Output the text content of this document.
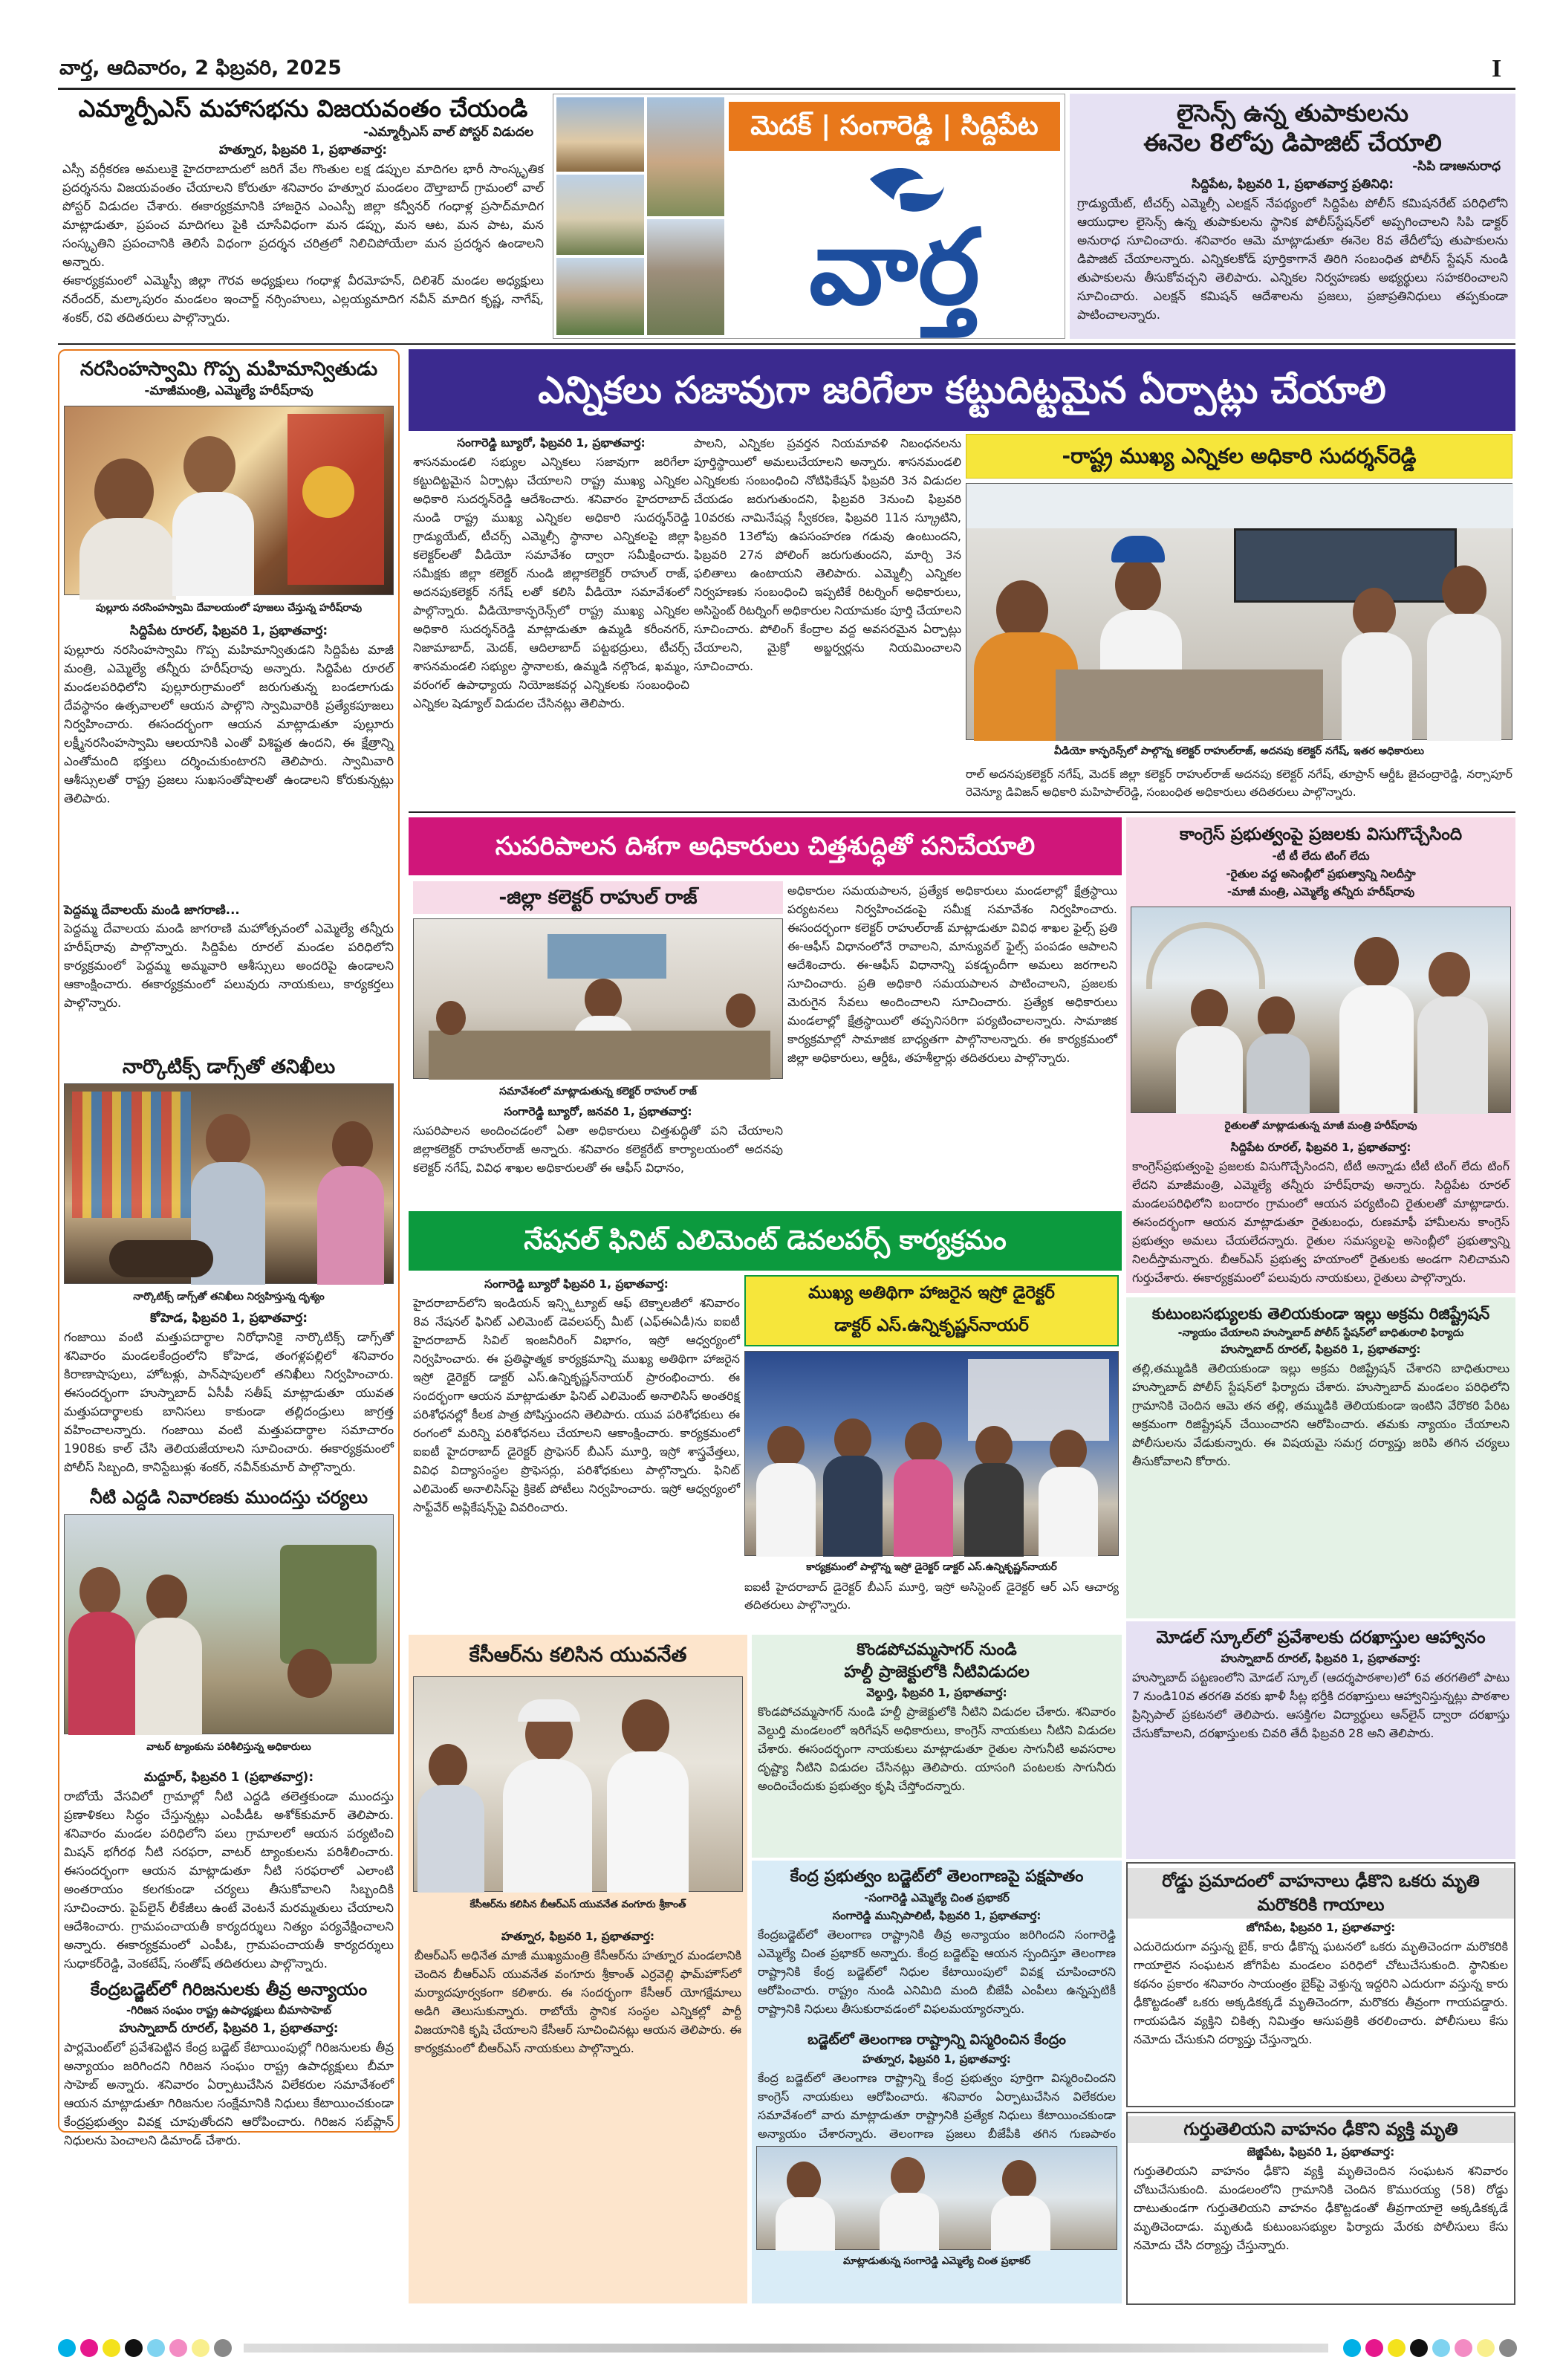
వార్త, ఆదివారం, 2 ఫిబ్రవరి, 2025	I
ఎమ్మార్పీఎస్ మహాసభను విజయవంతం చేయండి
-ఎమ్మార్పీఎస్ వాల్ పోస్టర్ విడుదల
హత్నూర, ఫిబ్రవరి 1, ప్రభాతవార్త:
ఎస్సీ వర్గీకరణ అమలుకై హైదరాబాదులో జరిగే వేల గొంతుల లక్ష డప్పుల మాదిగల భారీ సాంస్కృతిక ప్రదర్శనను విజయవంతం చేయాలని కోరుతూ శనివారం హత్నూర మండలం దౌల్తాబాద్ గ్రామంలో వాల్ పోస్టర్ విడుదల చేశారు. ఈకార్యక్రమానికి హాజరైన ఎంఎస్పీ జిల్లా కన్వీనర్ గంధాళ్ల ప్రసాద్‌మాదిగ మాట్లాడుతూ, ప్రపంచ మాదిగలు పైకి చూసేవిధంగా మన డప్పు, మన ఆట, మన పాట, మన సంస్కృతిని ప్రపంచానికి తెలిసే విధంగా ప్రదర్శన చరిత్రలో నిలిచిపోయేలా మన ప్రదర్శన ఉండాలని అన్నారు.
ఈకార్యక్రమంలో ఎమ్మెస్పీ జిల్లా గౌరవ అధ్యక్షులు గంధాళ్ల వీరమోహన్, దిలిశెర్ మండల అధ్యక్షులు నరేందర్, మల్కాపురం మండలం ఇంచార్జ్ నర్సింహులు, ఎల్లయ్యమాదిగ నవీన్ మాదిగ కృష్ణ, నాగేష్, శంకర్, రవి తదితరులు పాల్గొన్నారు.
మెదక్ | సంగారెడ్డి | సిద్దిపేట
వార్త
లైసెన్స్ ఉన్న తుపాకులను
ఈనెల 8లోపు డిపాజిట్ చేయాలి
-సిపి డాఃఅనురాధ
సిద్దిపేట, ఫిబ్రవరి 1, ప్రభాతవార్త ప్రతినిధి:
గ్రాడ్యుయేట్, టీచర్స్ ఎమ్మెల్సీ ఎలక్షన్ నేపథ్యంలో సిద్దిపేట పోలీస్ కమిషనరేట్ పరిధిలోని ఆయుధాల లైసెన్స్ ఉన్న తుపాకులను స్థానిక పోలీస్‌స్టేషన్‌లో అప్పగించాలని సిపి డాక్టర్ అనురాధ సూచించారు. శనివారం ఆమె మాట్లాడుతూ ఈనెల 8వ తేదీలోపు తుపాకులను డిపాజిట్ చేయాలన్నారు. ఎన్నికలకోడ్ పూర్తికాగానే తిరిగి సంబంధిత పోలీస్ స్టేషన్ నుండి తుపాకులను తీసుకోవచ్చని తెలిపారు. ఎన్నికల నిర్వహణకు అభ్యర్థులు సహకరించాలని సూచించారు. ఎలక్షన్ కమిషన్ ఆదేశాలను ప్రజలు, ప్రజాప్రతినిధులు తప్పకుండా పాటించాలన్నారు.
నరసింహస్వామి గొప్ప మహిమాన్వితుడు
-మాజీమంత్రి, ఎమ్మెల్యే హరీష్‌రావు
పుల్లూరు నరసింహస్వామి దేవాలయంలో పూజలు చేస్తున్న హరీష్‌రావు
సిద్దిపేట రూరల్, ఫిబ్రవరి 1, ప్రభాతవార్త:
పుల్లూరు నరసింహస్వామి గొప్ప మహిమాన్వితుడని సిద్దిపేట మాజీ మంత్రి, ఎమ్మెల్యే తన్నీరు హరీష్‌రావు అన్నారు. సిద్దిపేట రూరల్ మండలపరిధిలోని పుల్లూరుగ్రామంలో జరుగుతున్న బండలాగుడు దేవస్థానం ఉత్సవాలలో ఆయన పాల్గొని స్వామివారికి ప్రత్యేకపూజలు నిర్వహించారు. ఈసందర్భంగా ఆయన మాట్లాడుతూ పుల్లూరు లక్ష్మీనరసింహస్వామి ఆలయానికి ఎంతో విశిష్టత ఉందని, ఈ క్షేత్రాన్ని ఎంతోమంది భక్తులు దర్శించుకుంటారని తెలిపారు. స్వామివారి ఆశీస్సులతో రాష్ట్ర ప్రజలు సుఖసంతోషాలతో ఉండాలని కోరుకున్నట్లు తెలిపారు.
పెద్దమ్మ దేవాలయ్ మండి జాగరాణి...
పెద్దమ్మ దేవాలయ మండి జాగరాణి మహోత్సవంలో ఎమ్మెల్యే తన్నీరు హరీష్‌రావు పాల్గొన్నారు. సిద్దిపేట రూరల్ మండల పరిధిలోని కార్యక్రమంలో పెద్దమ్మ అమ్మవారి ఆశీస్సులు అందరిపై ఉండాలని ఆకాంక్షించారు. ఈకార్యక్రమంలో పలువురు నాయకులు, కార్యకర్తలు పాల్గొన్నారు.
నార్కొటిక్స్ డాగ్స్‌తో తనిఖీలు
నార్కొటిక్స్ డాగ్స్‌తో తనిఖీలు నిర్వహిస్తున్న దృశ్యం
కోహెడ, ఫిబ్రవరి 1, ప్రభాతవార్త:
గంజాయి వంటి మత్తుపదార్థాల నిరోధానికై నార్కొటిక్స్ డాగ్స్‌తో శనివారం మండలకేంద్రంలోని కోహెడ, తంగళ్లపల్లిలో శనివారం కిరాణాషాపులు, హోటళ్లు, పాన్‌షాపులలో తనిఖీలు నిర్వహించారు. ఈసందర్భంగా హుస్నాబాద్ ఏసీపీ సతీష్ మాట్లాడుతూ యువత మత్తుపదార్థాలకు బానిసలు కాకుండా తల్లిదండ్రులు జాగ్రత్త వహించాలన్నారు. గంజాయి వంటి మత్తుపదార్థాల సమాచారం 1908కు కాల్ చేసి తెలియజేయాలని సూచించారు. ఈకార్యక్రమంలో పోలీస్ సిబ్బంది, కానిస్టేబుళ్లు శంకర్, నవీన్‌కుమార్ పాల్గొన్నారు.
నీటి ఎద్దడి నివారణకు ముందస్తు చర్యలు
వాటర్ ట్యాంకును పరిశీలిస్తున్న అధికారులు
మద్దూర్, ఫిబ్రవరి 1 (ప్రభాతవార్త):
రాబోయే వేసవిలో గ్రామాల్లో నీటి ఎద్దడి తలెత్తకుండా ముందస్తు ప్రణాళికలు సిద్ధం చేస్తున్నట్లు ఎంపీడీఓ అశోక్‌కుమార్ తెలిపారు. శనివారం మండల పరిధిలోని పలు గ్రామాలలో ఆయన పర్యటించి మిషన్ భగీరథ నీటి సరఫరా, వాటర్ ట్యాంకులను పరిశీలించారు. ఈసందర్భంగా ఆయన మాట్లాడుతూ నీటి సరఫరాలో ఎలాంటి అంతరాయం కలగకుండా చర్యలు తీసుకోవాలని సిబ్బందికి సూచించారు. పైప్‌లైన్ లీకేజీలు ఉంటే వెంటనే మరమ్మతులు చేయాలని ఆదేశించారు. గ్రామపంచాయతీ కార్యదర్శులు నిత్యం పర్యవేక్షించాలని అన్నారు. ఈకార్యక్రమంలో ఎంపీఓ, గ్రామపంచాయతీ కార్యదర్శులు సుధాకర్‌రెడ్డి, వెంకటేష్, సంతోష్ తదితరులు పాల్గొన్నారు.
కేంద్రబడ్జెట్‌లో గిరిజనులకు తీవ్ర అన్యాయం
-గిరిజన సంఘం రాష్ట్ర ఉపాధ్యక్షులు బీమాసాహెబ్
హుస్నాబాద్ రూరల్, ఫిబ్రవరి 1, ప్రభాతవార్త:
పార్లమెంట్‌లో ప్రవేశపెట్టిన కేంద్ర బడ్జెట్ కేటాయింపుల్లో గిరిజనులకు తీవ్ర అన్యాయం జరిగిందని గిరిజన సంఘం రాష్ట్ర ఉపాధ్యక్షులు బీమా సాహెబ్ అన్నారు. శనివారం ఏర్పాటుచేసిన విలేకరుల సమావేశంలో ఆయన మాట్లాడుతూ గిరిజనుల సంక్షేమానికి నిధులు కేటాయించకుండా కేంద్రప్రభుత్వం వివక్ష చూపుతోందని ఆరోపించారు. గిరిజన సబ్‌ప్లాన్ నిధులను పెంచాలని డిమాండ్ చేశారు.
ఎన్నికలు సజావుగా జరిగేలా కట్టుదిట్టమైన ఏర్పాట్లు చేయాలి
సంగారెడ్డి బ్యూరో, ఫిబ్రవరి 1, ప్రభాతవార్త:
శాసనమండలి సభ్యుల ఎన్నికలు సజావుగా జరిగేలా కట్టుదిట్టమైన ఏర్పాట్లు చేయాలని రాష్ట్ర ముఖ్య ఎన్నికల అధికారి సుదర్శన్‌రెడ్డి ఆదేశించారు. శనివారం హైదరాబాద్ నుండి రాష్ట్ర ముఖ్య ఎన్నికల అధికారి సుదర్శన్‌రెడ్డి గ్రాడ్యుయేట్, టీచర్స్ ఎమ్మెల్సీ స్థానాల ఎన్నికలపై జిల్లా కలెక్టర్‌లతో వీడియో సమావేశం ద్వారా సమీక్షించారు. సమీక్షకు జిల్లా కలెక్టర్ నుండి జిల్లాకలెక్టర్ రాహుల్ రాజ్, అదనపుకలెక్టర్ నగేష్‌ లతో కలిసి వీడియో సమావేశంలో పాల్గొన్నారు. వీడియోకాన్ఫరెన్స్‌లో రాష్ట్ర ముఖ్య ఎన్నికల అధికారి సుదర్శన్‌రెడ్డి మాట్లాడుతూ ఉమ్మడి కరీంనగర్, నిజామాబాద్, మెదక్, ఆదిలాబాద్ పట్టభద్రులు, టీచర్స్ శాసనమండలి సభ్యుల స్థానాలకు, ఉమ్మడి నల్గొండ, ఖమ్మం, వరంగల్ ఉపాధ్యాయ నియోజకవర్గ ఎన్నికలకు సంబంధించి ఎన్నికల షెడ్యూల్ విడుదల చేసినట్లు తెలిపారు.
పాలని, ఎన్నికల ప్రవర్తన నియమావళి నిబంధనలను పూర్తిస్థాయిలో అమలుచేయాలని అన్నారు. శాసనమండలి ఎన్నికలకు సంబంధించి నోటిఫికేషన్ ఫిబ్రవరి 3న విడుదల చేయడం జరుగుతుందని, ఫిబ్రవరి 3నుంచి ఫిబ్రవరి 10వరకు నామినేషన్ల స్వీకరణ, ఫిబ్రవరి 11న స్క్రూటిని, ఫిబ్రవరి 13లోపు ఉపసంహరణ గడువు ఉంటుందని, ఫిబ్రవరి 27న పోలింగ్ జరుగుతుందని, మార్చి 3న ఫలితాలు ఉంటాయని తెలిపారు. ఎమ్మెల్సీ ఎన్నికల నిర్వహణకు సంబంధించి ఇప్పటికే రిటర్నింగ్ అధికారులు, అసిస్టెంట్ రిటర్నింగ్ అధికారుల నియామకం పూర్తి చేయాలని సూచించారు. పోలింగ్ కేంద్రాల వద్ద అవసరమైన ఏర్పాట్లు చేయాలని, మైక్రో అబ్జర్వర్లను నియమించాలని సూచించారు.
-రాష్ట్ర ముఖ్య ఎన్నికల అధికారి సుదర్శన్‌రెడ్డి
వీడియో కాన్ఫరెన్స్‌లో పాల్గొన్న కలెక్టర్ రాహుల్‌రాజ్, అదనపు కలెక్టర్ నగేష్, ఇతర అధికారులు
రాల్ అదనపుకలెక్టర్ నగేష్, మెదక్ జిల్లా కలెక్టర్ రాహుల్‌రాజ్ అదనపు కలెక్టర్ నగేష్, తూప్రాన్ ఆర్డీఓ జైచంద్రారెడ్డి, నర్సాపూర్ రెవెన్యూ డివిజన్ అధికారి మహిపాల్‌రెడ్డి, సంబంధిత అధికారులు తదితరులు పాల్గొన్నారు.
సుపరిపాలన దిశగా అధికారులు చిత్తశుద్ధితో పనిచేయాలి
-జిల్లా కలెక్టర్ రాహుల్ రాజ్
సమావేశంలో మాట్లాడుతున్న కలెక్టర్ రాహుల్ రాజ్
సంగారెడ్డి బ్యూరో, జనవరి 1, ప్రభాతవార్త:
సుపరిపాలన అందించడంలో ఏతా అధికారులు చిత్తశుద్ధితో పని చేయాలని జిల్లాకలెక్టర్ రాహుల్‌రాజ్ అన్నారు. శనివారం కలెక్టరేట్ కార్యాలయంలో అదనపు కలెక్టర్ నగేష్, వివిధ శాఖల అధికారులతో ఈ ఆఫీస్ విధానం,
అధికారుల సమయపాలన, ప్రత్యేక అధికారులు మండలాల్లో క్షేత్రస్థాయి పర్యటనలు నిర్వహించడంపై సమీక్ష సమావేశం నిర్వహించారు. ఈసందర్భంగా కలెక్టర్ రాహుల్‌రాజ్ మాట్లాడుతూ వివిధ శాఖల ఫైల్స్ ప్రతి ఈ-ఆఫీస్ విధానంలోనే రావాలని, మాన్యువల్ ఫైల్స్ పంపడం ఆపాలని ఆదేశించారు. ఈ-ఆఫీస్ విధానాన్ని పకడ్బందీగా అమలు జరగాలని సూచించారు. ప్రతి అధికారి సమయపాలన పాటించాలని, ప్రజలకు మెరుగైన సేవలు అందించాలని సూచించారు. ప్రత్యేక అధికారులు మండలాల్లో క్షేత్రస్థాయిలో తప్పనిసరిగా పర్యటించాలన్నారు. సామాజిక కార్యక్రమాల్లో సామాజిక బాధ్యతగా పాల్గొనాలన్నారు. ఈ కార్యక్రమంలో జిల్లా అధికారులు, ఆర్డీఓ, తహశీల్దార్లు తదితరులు పాల్గొన్నారు.
నేషనల్ ఫినిట్ ఎలిమెంట్ డెవలపర్స్ కార్యక్రమం
సంగారెడ్డి బ్యూరో ఫిబ్రవరి 1, ప్రభాతవార్త:
హైదరాబాద్‌లోని ఇండియన్ ఇన్స్టిట్యూట్ ఆఫ్ టెక్నాలజీ‌లో శనివారం 8వ నేషనల్ ఫినిట్ ఎలిమెంట్ డెవలపర్స్ మీట్ (ఎఫ్ఈఏడీ)ను ఐఐటీ హైదరాబాద్ సివిల్ ఇంజనీరింగ్ విభాగం, ఇస్రో ఆధ్వర్యంలో నిర్వహించారు. ఈ ప్రతిష్ఠాత్మక కార్యక్రమాన్ని ముఖ్య అతిథిగా హాజరైన ఇస్రో డైరెక్టర్ డాక్టర్ ఎస్.ఉన్నికృష్ణన్‌నాయర్ ప్రారంభించారు. ఈ సందర్భంగా ఆయన మాట్లాడుతూ ఫినిట్ ఎలిమెంట్ అనాలిసిస్ అంతరిక్ష పరిశోధనల్లో కీలక పాత్ర పోషిస్తుందని తెలిపారు. యువ పరిశోధకులు ఈ రంగంలో మరిన్ని పరిశోధనలు చేయాలని ఆకాంక్షించారు. కార్యక్రమంలో ఐఐటీ హైదరాబాద్ డైరెక్టర్ ప్రొఫెసర్ బీఎస్ మూర్తి, ఇస్రో శాస్త్రవేత్తలు, వివిధ విద్యాసంస్థల ప్రొఫెసర్లు, పరిశోధకులు పాల్గొన్నారు. ఫినిట్ ఎలిమెంట్ అనాలిసిస్‌పై క్రికెట్ పోటీలు నిర్వహించారు. ఇస్రో ఆధ్వర్యంలో సాఫ్ట్‌వేర్ అప్లికేషన్స్‌పై వివరించారు.
ముఖ్య అతిథిగా హాజరైన ఇస్రో డైరెక్టర్
డాక్టర్ ఎస్.ఉన్నికృష్ణన్‌నాయర్
కార్యక్రమంలో పాల్గొన్న ఇస్రో డైరెక్టర్ డాక్టర్ ఎస్.ఉన్నికృష్ణన్‌నాయర్
ఐఐటీ హైదరాబాద్ డైరెక్టర్ బీఎస్ మూర్తి, ఇస్రో అసిస్టెంట్ డైరెక్టర్ ఆర్ ఎస్ ఆచార్య తదితరులు పాల్గొన్నారు.
కాంగ్రెస్ ప్రభుత్వంపై ప్రజలకు విసుగొచ్చేసింది
-టీ టీ లేదు టింగ్ లేదు
-రైతుల వద్ద అసెంబ్లీలో ప్రభుత్వాన్ని నిలదీస్తా
-మాజీ మంత్రి, ఎమ్మెల్యే తన్నీరు హరీష్‌రావు
రైతులతో మాట్లాడుతున్న మాజీ మంత్రి హరీష్‌రావు
సిద్దిపేట రూరల్, ఫిబ్రవరి 1, ప్రభాతవార్త:
కాంగ్రెస్‌ప్రభుత్వంపై ప్రజలకు విసుగొచ్చేసిందని, టీటీ అన్నాడు టీటీ టింగ్ లేదు టింగ్ లేదని మాజీమంత్రి, ఎమ్మెల్యే తన్నీరు హరీష్‌రావు అన్నారు. సిద్దిపేట రూరల్ మండలపరిధిలోని బందారం గ్రామంలో ఆయన పర్యటించి రైతులతో మాట్లాడారు. ఈసందర్భంగా ఆయన మాట్లాడుతూ రైతుబంధు, రుణమాఫీ హామీలను కాంగ్రెస్ ప్రభుత్వం అమలు చేయలేదన్నారు. రైతుల సమస్యలపై అసెంబ్లీలో ప్రభుత్వాన్ని నిలదీస్తామన్నారు. బీఆర్ఎస్ ప్రభుత్వ హయాంలో రైతులకు అండగా నిలిచామని గుర్తుచేశారు. ఈకార్యక్రమంలో పలువురు నాయకులు, రైతులు పాల్గొన్నారు.
కుటుంబసభ్యులకు తెలియకుండా ఇల్లు అక్రమ రిజిష్ట్రేషన్
-న్యాయం చేయాలని హుస్నాబాద్ పోలీస్ స్టేషన్‌లో బాధితురాలి ఫిర్యాదు
హుస్నాబాద్ రూరల్, ఫిబ్రవరి 1, ప్రభాతవార్త:
తల్లి,తమ్ముడికి తెలియకుండా ఇల్లు అక్రమ రిజిష్ట్రేషన్ చేశారని బాధితురాలు హుస్నాబాద్ పోలీస్ స్టేషన్‌లో ఫిర్యాదు చేశారు. హుస్నాబాద్ మండలం పరిధిలోని గ్రామానికి చెందిన ఆమె తన తల్లి, తమ్ముడికి తెలియకుండా ఇంటిని వేరొకరి పేరిట అక్రమంగా రిజిష్ట్రేషన్ చేయించారని ఆరోపించారు. తమకు న్యాయం చేయాలని పోలీసులను వేడుకున్నారు. ఈ విషయమై సమగ్ర దర్యాప్తు జరిపి తగిన చర్యలు తీసుకోవాలని కోరారు.
మోడల్ స్కూల్‌లో ప్రవేశాలకు దరఖాస్తుల ఆహ్వానం
హుస్నాబాద్ రూరల్, ఫిబ్రవరి 1, ప్రభాతవార్త:
హుస్నాబాద్ పట్టణంలోని మోడల్ స్కూల్ (ఆదర్శపాఠశాల)లో 6వ తరగతిలో పాటు 7 నుండి10వ తరగతి వరకు ఖాళీ సీట్ల భర్తీకి దరఖాస్తులు ఆహ్వానిస్తున్నట్లు పాఠశాల ప్రిన్సిపాల్ ప్రకటనలో తెలిపారు. ఆసక్తిగల విద్యార్థులు ఆన్‌లైన్ ద్వారా దరఖాస్తు చేసుకోవాలని, దరఖాస్తులకు చివరి తేదీ ఫిబ్రవరి 28 అని తెలిపారు.
రోడ్డు ప్రమాదంలో వాహనాలు ఢీకొని ఒకరు మృతి మరొకరికి గాయాలు
జోగిపేట, ఫిబ్రవరి 1, ప్రభాతవార్త:
ఎదురెదురుగా వస్తున్న బైక్, కారు ఢీకొన్న ఘటనలో ఒకరు మృతిచెందగా మరొకరికి గాయాలైన సంఘటన జోగిపేట మండలం పరిధిలో చోటుచేసుకుంది. స్థానికుల కథనం ప్రకారం శనివారం సాయంత్రం బైక్‌పై వెళ్తున్న ఇద్దరిని ఎదురుగా వస్తున్న కారు ఢీకొట్టడంతో ఒకరు అక్కడికక్కడే మృతిచెందగా, మరొకరు తీవ్రంగా గాయపడ్డారు. గాయపడిన వ్యక్తిని చికిత్స నిమిత్తం ఆసుపత్రికి తరలించారు. పోలీసులు కేసు నమోదు చేసుకుని దర్యాప్తు చేస్తున్నారు.
గుర్తుతెలియని వాహనం ఢీకొని వ్యక్తి మృతి
జెజ్జిపేట, ఫిబ్రవరి 1, ప్రభాతవార్త:
గుర్తుతెలియని వాహనం ఢీకొని వ్యక్తి మృతిచెందిన సంఘటన శనివారం చోటుచేసుకుంది. మండలంలోని గ్రామానికి చెందిన కొమురయ్య (58) రోడ్డు దాటుతుండగా గుర్తుతెలియని వాహనం ఢీకొట్టడంతో తీవ్రగాయాలై అక్కడికక్కడే మృతిచెందాడు. మృతుడి కుటుంబసభ్యుల ఫిర్యాదు మేరకు పోలీసులు కేసు నమోదు చేసి దర్యాప్తు చేస్తున్నారు.
కేసీఆర్‌ను కలిసిన యువనేత
కేసీఆర్‌ను కలిసిన బీఆర్ఎస్ యువనేత వంగూరు శ్రీకాంత్
హత్నూర, ఫిబ్రవరి 1, ప్రభాతవార్త:
బీఆర్ఎస్ అధినేత మాజీ ముఖ్యమంత్రి కేసీఆర్‌ను హత్నూర మండలానికి చెందిన బీఆర్ఎస్ యువనేత వంగూరు శ్రీకాంత్ ఎర్రవెల్లి ఫామ్‌హౌస్‌లో మర్యాదపూర్వకంగా కలిశారు. ఈ సందర్భంగా కేసీఆర్ యోగక్షేమాలు అడిగి తెలుసుకున్నారు. రాబోయే స్థానిక సంస్థల ఎన్నికల్లో పార్టీ విజయానికి కృషి చేయాలని కేసీఆర్ సూచించినట్లు ఆయన తెలిపారు. ఈ కార్యక్రమంలో బీఆర్ఎస్ నాయకులు పాల్గొన్నారు.
కొండపోచమ్మసాగర్ నుండి
హల్దీ ప్రాజెక్టులోకి నీటివిడుదల
వెల్దుర్తి, ఫిబ్రవరి 1, ప్రభాతవార్త:
కొండపోచమ్మసాగర్ నుండి హల్దీ ప్రాజెక్టులోకి నీటిని విడుదల చేశారు. శనివారం వెల్దుర్తి మండలంలో ఇరిగేషన్ అధికారులు, కాంగ్రెస్ నాయకులు నీటిని విడుదల చేశారు. ఈసందర్భంగా నాయకులు మాట్లాడుతూ రైతుల సాగునీటి అవసరాల దృష్ట్యా నీటిని విడుదల చేసినట్లు తెలిపారు. యాసంగి పంటలకు సాగునీరు అందించేందుకు ప్రభుత్వం కృషి చేస్తోందన్నారు.
కేంద్ర ప్రభుత్వం బడ్జెట్‌లో తెలంగాణపై పక్షపాతం
-సంగారెడ్డి ఎమ్మెల్యే చింత ప్రభాకర్
సంగారెడ్డి మున్సిపాలిటీ, ఫిబ్రవరి 1, ప్రభాతవార్త:
కేంద్రబడ్జెట్‌లో తెలంగాణ రాష్ట్రానికి తీవ్ర అన్యాయం జరిగిందని సంగారెడ్డి ఎమ్మెల్యే చింత ప్రభాకర్ అన్నారు. కేంద్ర బడ్జెట్‌పై ఆయన స్పందిస్తూ తెలంగాణ రాష్ట్రానికి కేంద్ర బడ్జెట్‌లో నిధుల కేటాయింపులో వివక్ష చూపించారని ఆరోపించారు. రాష్ట్రం నుండి ఎనిమిది మంది బీజేపీ ఎంపీలు ఉన్నప్పటికీ రాష్ట్రానికి నిధులు తీసుకురావడంలో విఫలమయ్యారన్నారు.
బడ్జెట్‌లో తెలంగాణ రాష్ట్రాన్ని విస్మరించిన కేంద్రం
హత్నూర, ఫిబ్రవరి 1, ప్రభాతవార్త:
కేంద్ర బడ్జెట్‌లో తెలంగాణ రాష్ట్రాన్ని కేంద్ర ప్రభుత్వం పూర్తిగా విస్మరించిందని కాంగ్రెస్ నాయకులు ఆరోపించారు. శనివారం ఏర్పాటుచేసిన విలేకరుల సమావేశంలో వారు మాట్లాడుతూ రాష్ట్రానికి ప్రత్యేక నిధులు కేటాయించకుండా అన్యాయం చేశారన్నారు. తెలంగాణ ప్రజలు బీజేపీకి తగిన గుణపాఠం
మాట్లాడుతున్న సంగారెడ్డి ఎమ్మెల్యే చింత ప్రభాకర్
